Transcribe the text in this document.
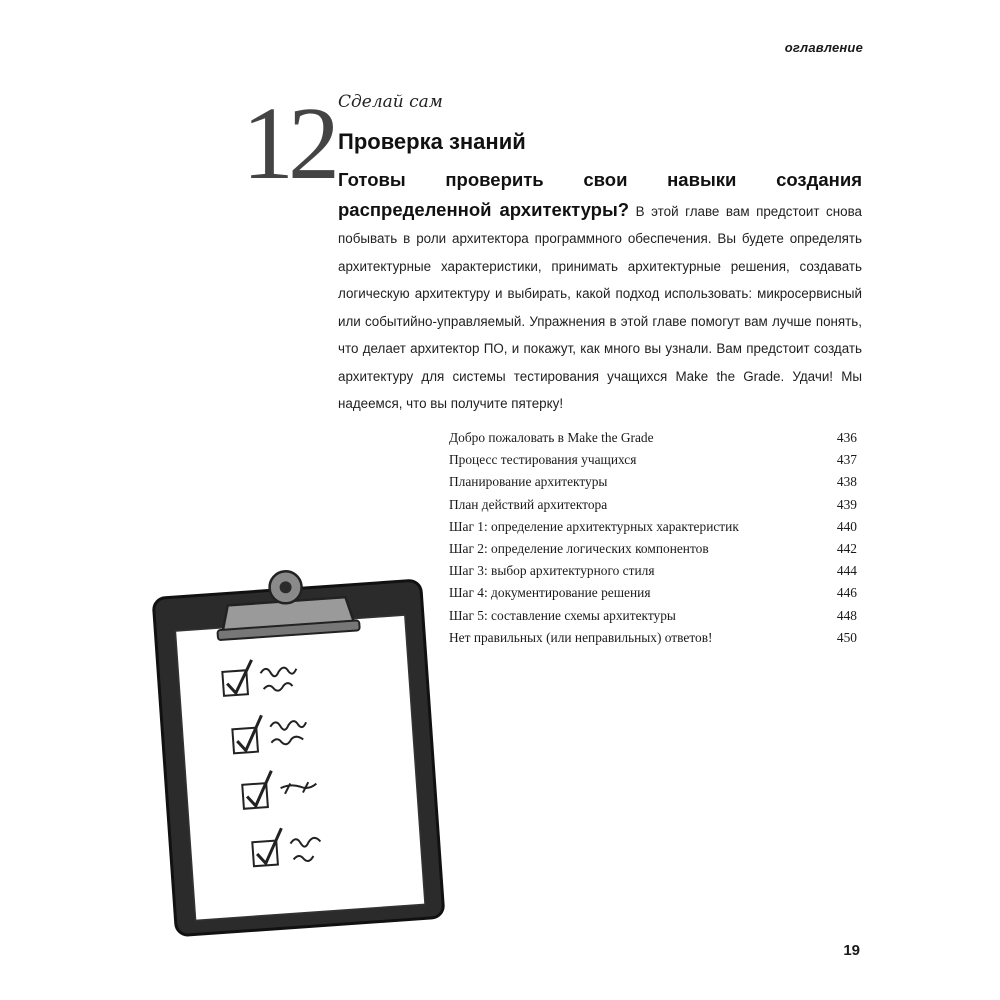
оглавление
12 Сделай сам
Проверка знаний
Готовы проверить свои навыки создания распределенной архитектуры? В этой главе вам предстоит снова побывать в роли архитектора программного обеспечения. Вы будете определять архитектурные характеристики, принимать архитектурные решения, создавать логическую архитектуру и выбирать, какой подход использовать: микросервисный или событийно-управляемый. Упражнения в этой главе помогут вам лучше понять, что делает архитектор ПО, и покажут, как много вы узнали. Вам предстоит создать архитектуру для системы тестирования учащихся Make the Grade. Удачи! Мы надеемся, что вы получите пятерку!
Добро пожаловать в Make the Grade	436
Процесс тестирования учащихся	437
Планирование архитектуры	438
План действий архитектора	439
Шаг 1: определение архитектурных характеристик	440
Шаг 2: определение логических компонентов	442
Шаг 3: выбор архитектурного стиля	444
Шаг 4: документирование решения	446
Шаг 5: составление схемы архитектуры	448
Нет правильных (или неправильных) ответов!	450
19
